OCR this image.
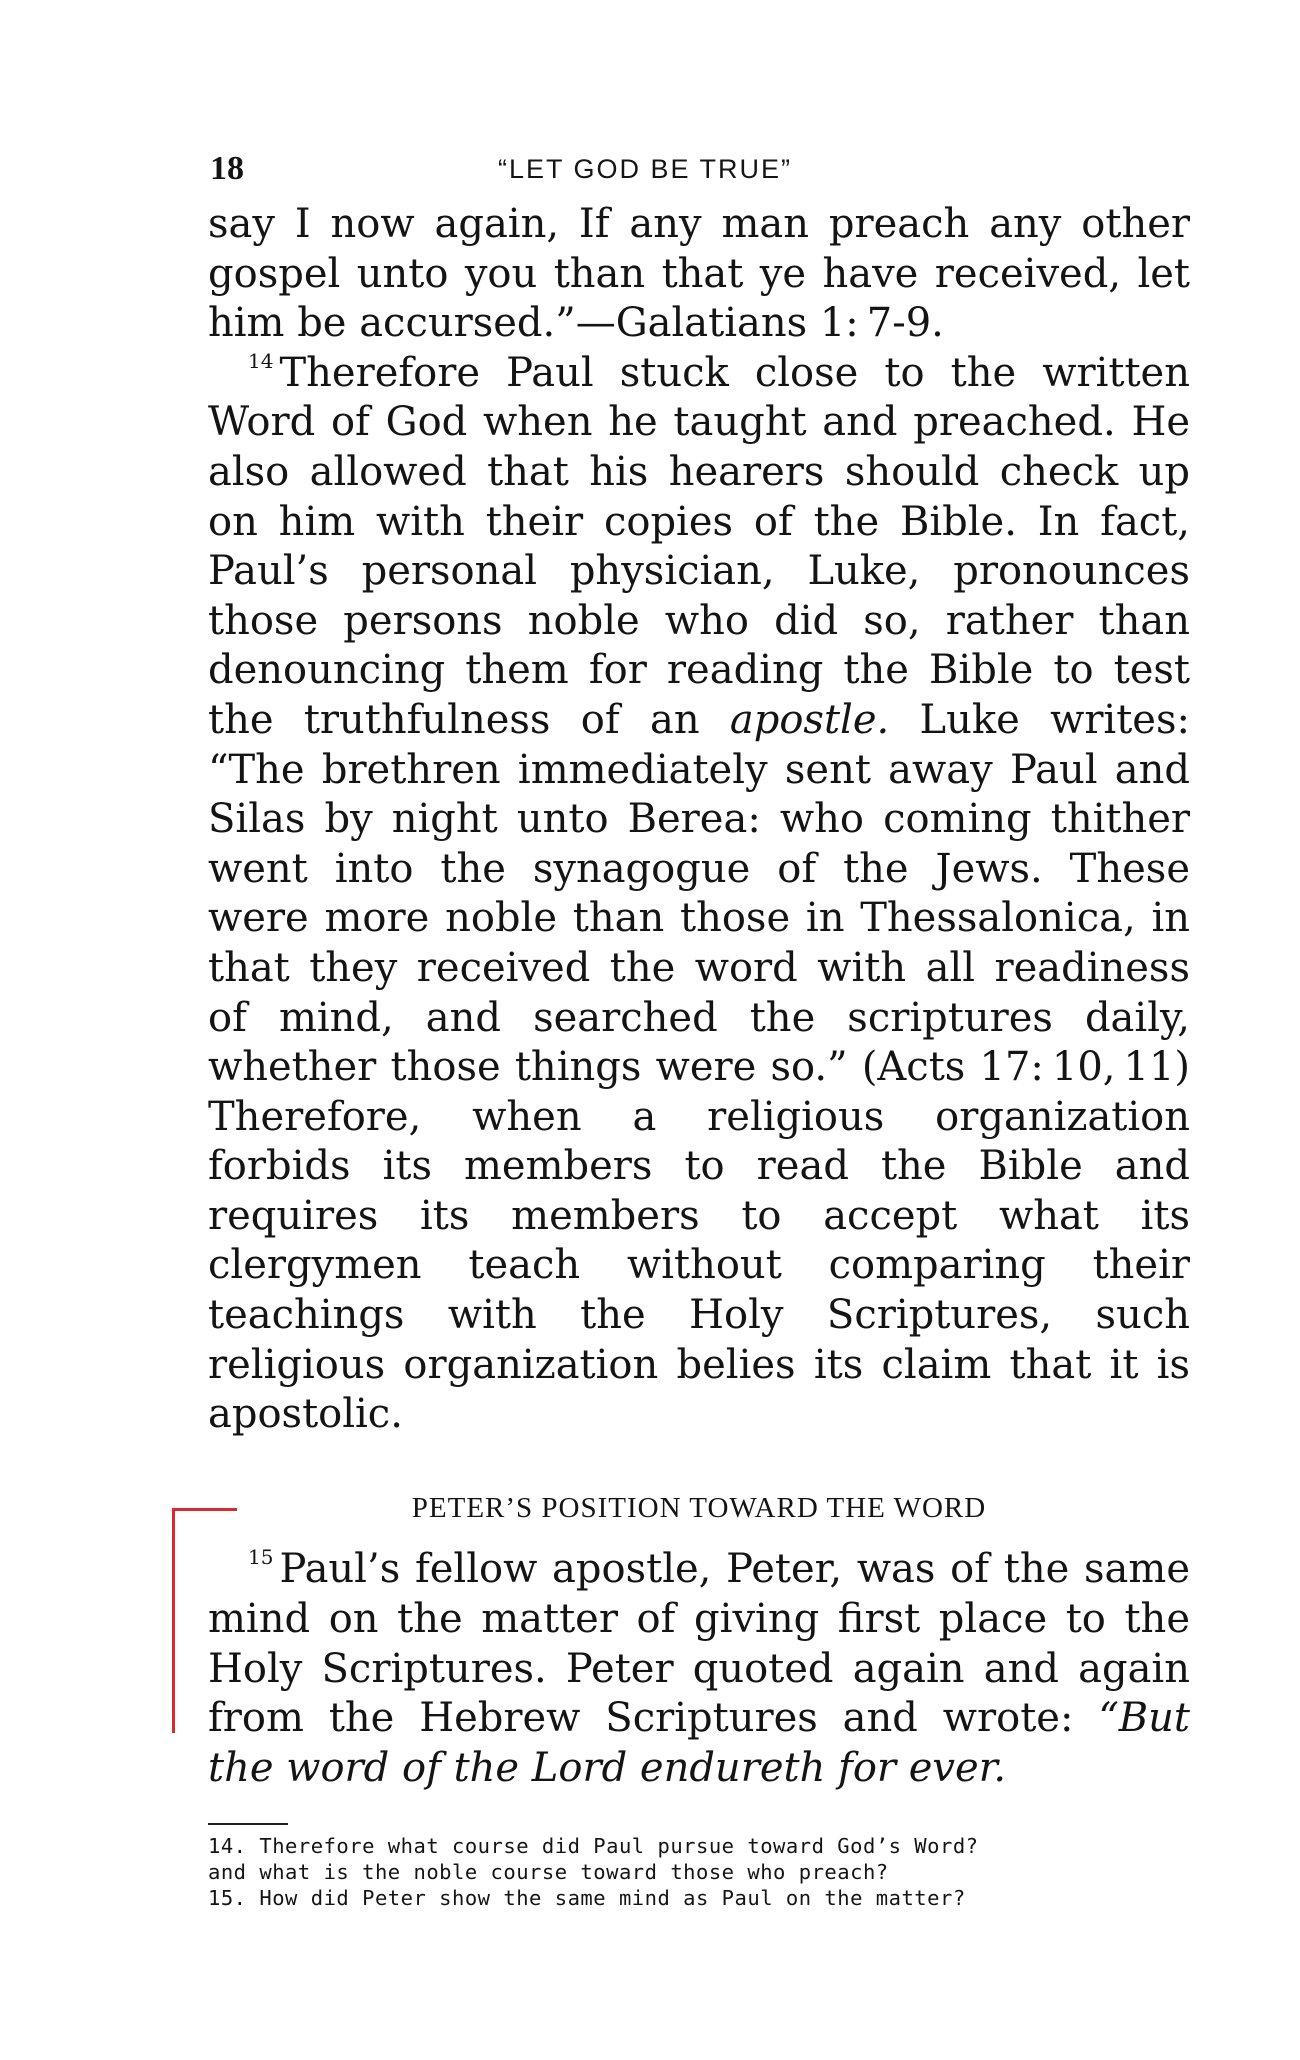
18	“LET GOD BE TRUE”

say I now again, If any man preach any other gospel unto you than that ye have received, let him be accursed.”—Galatians 1: 7-9.

$^{14}$ Therefore Paul stuck close to the written Word of God when he taught and preached. He also allowed that his hearers should check up on him with their copies of the Bible. In fact, Paul’s personal physician, Luke, pronounces those persons noble who did so, rather than denouncing them for reading the Bible to test the truthfulness of an apostle. Luke writes: “The brethren immediately sent away Paul and Silas by night unto Berea: who coming thither went into the synagogue of the Jews. These were more noble than those in Thessalonica, in that they received the word with all readiness of mind, and searched the scriptures daily, whether those things were so.” (Acts 17: 10, 11) Therefore, when a religious organization forbids its members to read the Bible and requires its members to accept what its clergymen teach without comparing their teachings with the Holy Scriptures, such religious organization belies its claim that it is apostolic.

PETER’S POSITION TOWARD THE WORD

$^{15}$ Paul’s fellow apostle, Peter, was of the same mind on the matter of giving first place to the Holy Scriptures. Peter quoted again and again from the Hebrew Scriptures and wrote: “But the word of the Lord endureth for ever.

14. Therefore what course did Paul pursue toward God’s Word?
and what is the noble course toward those who preach?
15. How did Peter show the same mind as Paul on the matter?
